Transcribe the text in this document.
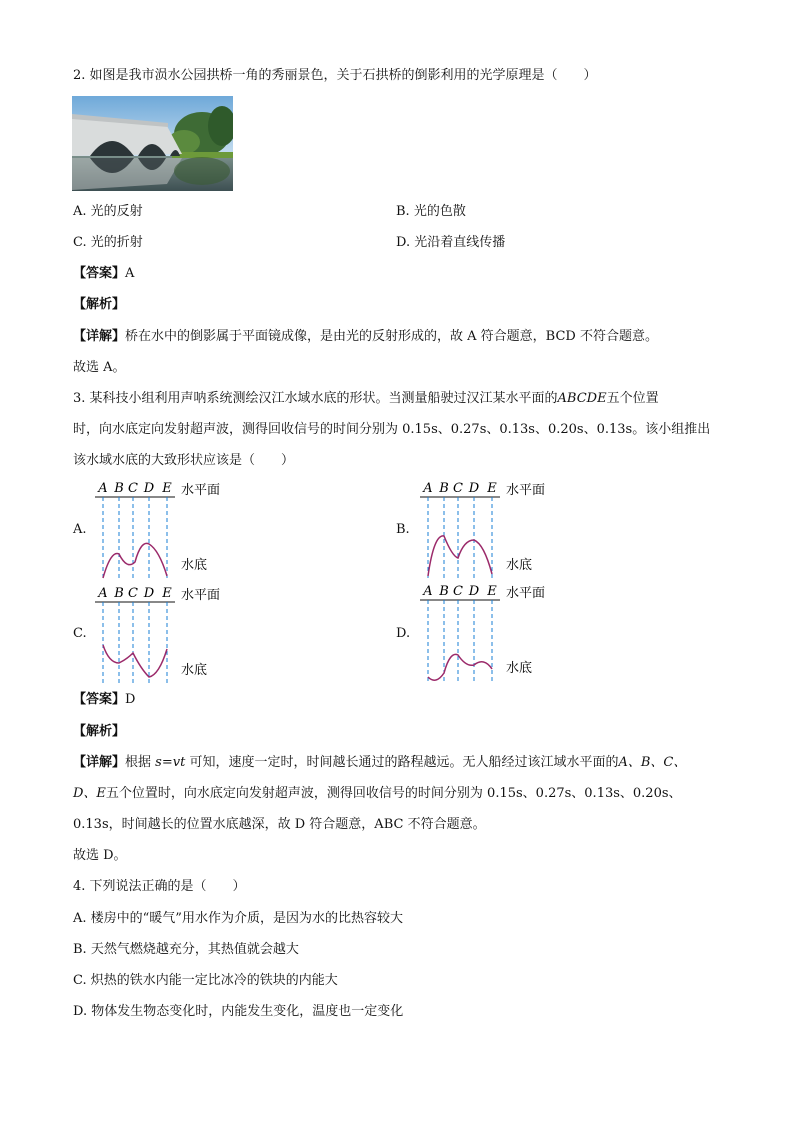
2. 如图是我市涢水公园拱桥一角的秀丽景色，关于石拱桥的倒影利用的光学原理是（　　）
A. 光的反射	B. 光的色散
C. 光的折射	D. 光沿着直线传播
【答案】A
【解析】
【详解】桥在水中的倒影属于平面镜成像，是由光的反射形成的，故 A 符合题意，BCD 不符合题意。
故选 A。
3. 某科技小组利用声呐系统测绘汉江水域水底的形状。当测量船驶过汉江某水平面的ABCDE五个位置
时，向水底定向发射超声波，测得回收信号的时间分别为 0.15s、0.27s、0.13s、0.20s、0.13s。该小组推出
该水域水底的大致形状应该是（　　）
A.	B.
C.	D.
A B C D E 水平面
水底
A B C D E 水平面
水底
A B C D E 水平面
水底
A B C D E 水平面
水底
【答案】D
【解析】
【详解】根据 s=vt 可知，速度一定时，时间越长通过的路程越远。无人船经过该江域水平面的A、B、C、
D、E五个位置时，向水底定向发射超声波，测得回收信号的时间分别为 0.15s、0.27s、0.13s、0.20s、
0.13s，时间越长的位置水底越深，故 D 符合题意，ABC 不符合题意。
故选 D。
4. 下列说法正确的是（　　）
A. 楼房中的“暖气”用水作为介质，是因为水的比热容较大
B. 天然气燃烧越充分，其热值就会越大
C. 炽热的铁水内能一定比冰冷的铁块的内能大
D. 物体发生物态变化时，内能发生变化，温度也一定变化
